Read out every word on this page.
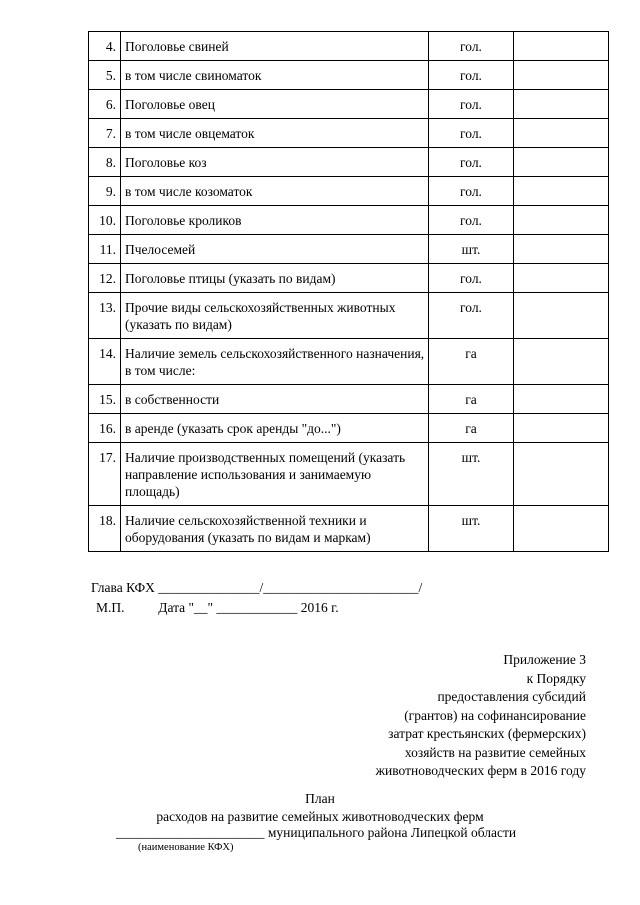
4.	Поголовье свиней	гол.	

5.	в том числе свиноматок	гол.	

6.	Поголовье овец	гол.	

7.	в том числе овцематок	гол.	

8.	Поголовье коз	гол.	

9.	в том числе козоматок	гол.	

10.	Поголовье кроликов	гол.	

11.	Пчелосемей	шт.	

12.	Поголовье птицы (указать по видам)	гол.	

13.	Прочие виды сельскохозяйственных животных (указать по видам)	гол.	

14.	Наличие земель сельскохозяйственного назначения, в том числе:	га	

15.	в собственности	га	

16.	в аренде (указать срок аренды "до...")	га	

17.	Наличие производственных помещений (указать направление использования и занимаемую площадь)	шт.	

18.	Наличие сельскохозяйственной техники и оборудования (указать по видам и маркам)	шт.	

Глава КФХ _______________/_______________________/
М.П.          Дата "__" ____________ 2016 г.
Приложение 3
к Порядку
предоставления субсидий
(грантов) на софинансирование
затрат крестьянских (фермерских)
хозяйств на развитие семейных
животноводческих ферм в 2016 году
План
расходов на развитие семейных животноводческих ферм
______________________ муниципального района Липецкой области
(наименование КФХ)
